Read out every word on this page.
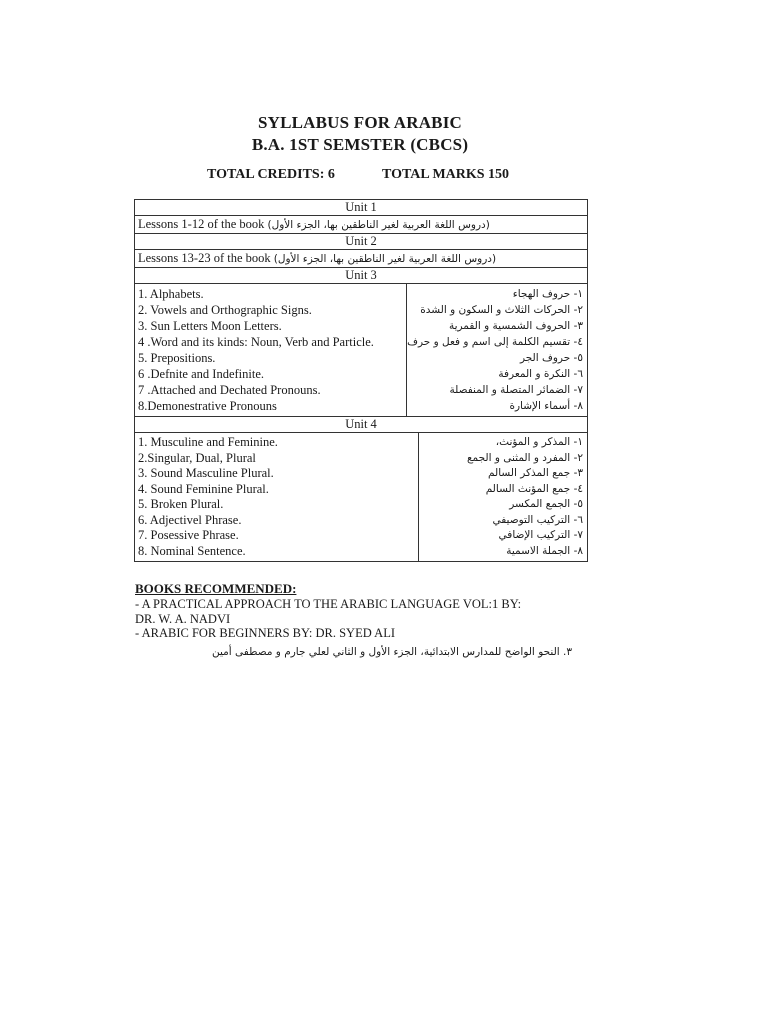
SYLLABUS FOR ARABIC
B.A. 1ST SEMSTER (CBCS)
TOTAL CREDITS: 6	TOTAL MARKS 150
Unit 1
Lessons 1-12 of the book (دروس اللغة العربية لغير الناطقين بها، الجزء الأول)
Unit 2
Lessons 13-23 of the book (دروس اللغة العربية لغير الناطقين بها، الجزء الأول)
Unit 3
1. Alphabets.
2. Vowels and Orthographic Signs.
3. Sun Letters Moon Letters.
4 .Word and its kinds: Noun, Verb and Particle.
5. Prepositions.
6 .Defnite and Indefinite.
7 .Attached and Dechated Pronouns.
8.Demonestrative Pronouns
١- حروف الهجاء
٢- الحركات الثلاث و السكون و الشدة
٣- الحروف الشمسية و القمرية
٤- تقسيم الكلمة إلى اسم و فعل و حرف
٥- حروف الجر
٦- النكرة و المعرفة
٧- الضمائر المتصلة و المنفصلة
٨- أسماء الإشارة
Unit 4
1. Musculine and Feminine.
2.Singular, Dual, Plural
3. Sound Masculine Plural.
4. Sound Feminine Plural.
5. Broken Plural.
6. Adjectivel Phrase.
7. Posessive Phrase.
8. Nominal Sentence.
١- المذكر و المؤنث،
٢- المفرد و المثنى و الجمع
٣- جمع المذكر السالم
٤- جمع المؤنث السالم
٥- الجمع المكسر
٦- التركيب التوصيفي
٧- التركيب الإضافي
٨- الجملة الاسمية
BOOKS RECOMMENDED:
- A PRACTICAL APPROACH TO THE ARABIC LANGUAGE VOL:1 BY:
DR. W. A. NADVI
- ARABIC FOR BEGINNERS BY: DR. SYED ALI
٣. النحو الواضح للمدارس الابتدائية، الجزء الأول و الثاني لعلي جارم و مصطفى أمين
